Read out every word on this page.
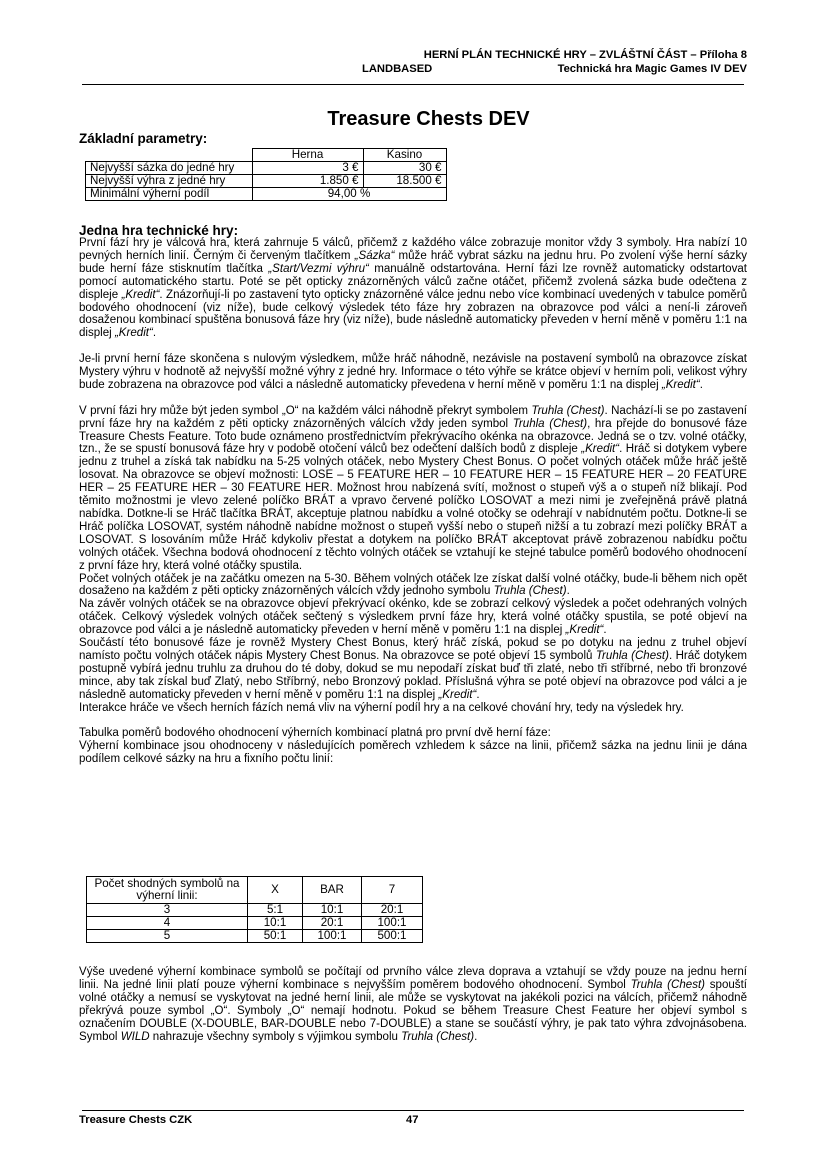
HERNÍ PLÁN TECHNICKÉ HRY – ZVLÁŠTNÍ ČÁST – Příloha 8
LANDBASED	Technická hra Magic Games IV DEV
Treasure Chests DEV
Základní parametry:
	Herna	Kasino
Nejvyšší sázka do jedné hry	3 €	30 €
Nejvyšší výhra z jedné hry	1.850 €	18.500 €
Minimální výherní podíl	94,00 %	
Jedna hra technické hry:

První fází hry je válcová hra, která zahrnuje 5 válců, přičemž z každého válce zobrazuje monitor vždy 3 symboly. Hra nabízí 10 pevných herních linií. Černým či červeným tlačítkem „Sázka“ může hráč vybrat sázku na jednu hru. Po zvolení výše herní sázky bude herní fáze stisknutím tlačítka „Start/Vezmi výhru“ manuálně odstartována. Herní fázi lze rovněž automaticky odstartovat pomocí automatického startu. Poté se pět opticky znázorněných válců začne otáčet, přičemž zvolená sázka bude odečtena z displeje „Kredit“. Znázorňují-li po zastavení tyto opticky znázorněné válce jednu nebo více kombinací uvedených v tabulce poměrů bodového ohodnocení (viz níže), bude celkový výsledek této fáze hry zobrazen na obrazovce pod válci a není-li zároveň dosaženou kombinací spuštěna bonusová fáze hry (viz níže), bude následně automaticky převeden v herní měně v poměru 1:1 na displej „Kredit“.

Je-li první herní fáze skončena s nulovým výsledkem, může hráč náhodně, nezávisle na postavení symbolů na obrazovce získat Mystery výhru v hodnotě až nejvyšší možné výhry z jedné hry. Informace o této výhře se krátce objeví v herním poli, velikost výhry bude zobrazena na obrazovce pod válci a následně automaticky převedena v herní měně v poměru 1:1 na displej „Kredit“.

V první fázi hry může být jeden symbol „O“ na každém válci náhodně překryt symbolem Truhla (Chest). Nachází-li se po zastavení první fáze hry na každém z pěti opticky znázorněných válcích vždy jeden symbol Truhla (Chest), hra přejde do bonusové fáze Treasure Chests Feature. Toto bude oznámeno prostřednictvím překrývacího okénka na obrazovce. Jedná se o tzv. volné otáčky, tzn., že se spustí bonusová fáze hry v podobě otočení válců bez odečtení dalších bodů z displeje „Kredit“. Hráč si dotykem vybere jednu z truhel a získá tak nabídku na 5-25 volných otáček, nebo Mystery Chest Bonus. O počet volných otáček může hráč ještě losovat. Na obrazovce se objeví možnosti: LOSE – 5 FEATURE HER – 10 FEATURE HER – 15 FEATURE HER – 20 FEATURE HER – 25 FEATURE HER – 30 FEATURE HER. Možnost hrou nabízená svítí, možnost o stupeň výš a o stupeň níž blikají. Pod těmito možnostmi je vlevo zelené políčko BRÁT a vpravo červené políčko LOSOVAT a mezi nimi je zveřejněná právě platná nabídka. Dotkne-li se Hráč tlačítka BRÁT, akceptuje platnou nabídku a volné otočky se odehrají v nabídnutém počtu. Dotkne-li se Hráč políčka LOSOVAT, systém náhodně nabídne možnost o stupeň vyšší nebo o stupeň nižší a tu zobrazí mezi políčky BRÁT a LOSOVAT. S losováním může Hráč kdykoliv přestat a dotykem na políčko BRÁT akceptovat právě zobrazenou nabídku počtu volných otáček. Všechna bodová ohodnocení z těchto volných otáček se vztahují ke stejné tabulce poměrů bodového ohodnocení z první fáze hry, která volné otáčky spustila.

Počet volných otáček je na začátku omezen na 5-30. Během volných otáček lze získat další volné otáčky, bude-li během nich opět dosaženo na každém z pěti opticky znázorněných válcích vždy jednoho symbolu Truhla (Chest).

Na závěr volných otáček se na obrazovce objeví překrývací okénko, kde se zobrazí celkový výsledek a počet odehraných volných otáček. Celkový výsledek volných otáček sečtený s výsledkem první fáze hry, která volné otáčky spustila, se poté objeví na obrazovce pod válci a je následně automaticky převeden v herní měně v poměru 1:1 na displej „Kredit“.

Součástí této bonusové fáze je rovněž Mystery Chest Bonus, který hráč získá, pokud se po dotyku na jednu z truhel objeví namísto počtu volných otáček nápis Mystery Chest Bonus. Na obrazovce se poté objeví 15 symbolů Truhla (Chest). Hráč dotykem postupně vybírá jednu truhlu za druhou do té doby, dokud se mu nepodaří získat buď tři zlaté, nebo tři stříbrné, nebo tři bronzové mince, aby tak získal buď Zlatý, nebo Stříbrný, nebo Bronzový poklad. Příslušná výhra se poté objeví na obrazovce pod válci a je následně automaticky převeden v herní měně v poměru 1:1 na displej „Kredit“.

Interakce hráče ve všech herních fázích nemá vliv na výherní podíl hry a na celkové chování hry, tedy na výsledek hry.

Tabulka poměrů bodového ohodnocení výherních kombinací platná pro první dvě herní fáze:

Výherní kombinace jsou ohodnoceny v následujících poměrech vzhledem k sázce na linii, přičemž sázka na jednu linii je dána podílem celkové sázky na hru a fixního počtu linií:

Počet shodných symbolů na výherní linii:	X	BAR	7
3	5:1	10:1	20:1
4	10:1	20:1	100:1
5	50:1	100:1	500:1

Výše uvedené výherní kombinace symbolů se počítají od prvního válce zleva doprava a vztahují se vždy pouze na jednu herní linii. Na jedné linii platí pouze výherní kombinace s nejvyšším poměrem bodového ohodnocení. Symbol Truhla (Chest) spouští volné otáčky a nemusí se vyskytovat na jedné herní linii, ale může se vyskytovat na jakékoli pozici na válcích, přičemž náhodně překrývá pouze symbol „O“. Symboly „O“ nemají hodnotu. Pokud se během Treasure Chest Feature her objeví symbol s označením DOUBLE (X-DOUBLE, BAR-DOUBLE nebo 7-DOUBLE) a stane se součástí výhry, je pak tato výhra zdvojnásobena. Symbol WILD nahrazuje všechny symboly s výjimkou symbolu Truhla (Chest).

Treasure Chests CZK	47
